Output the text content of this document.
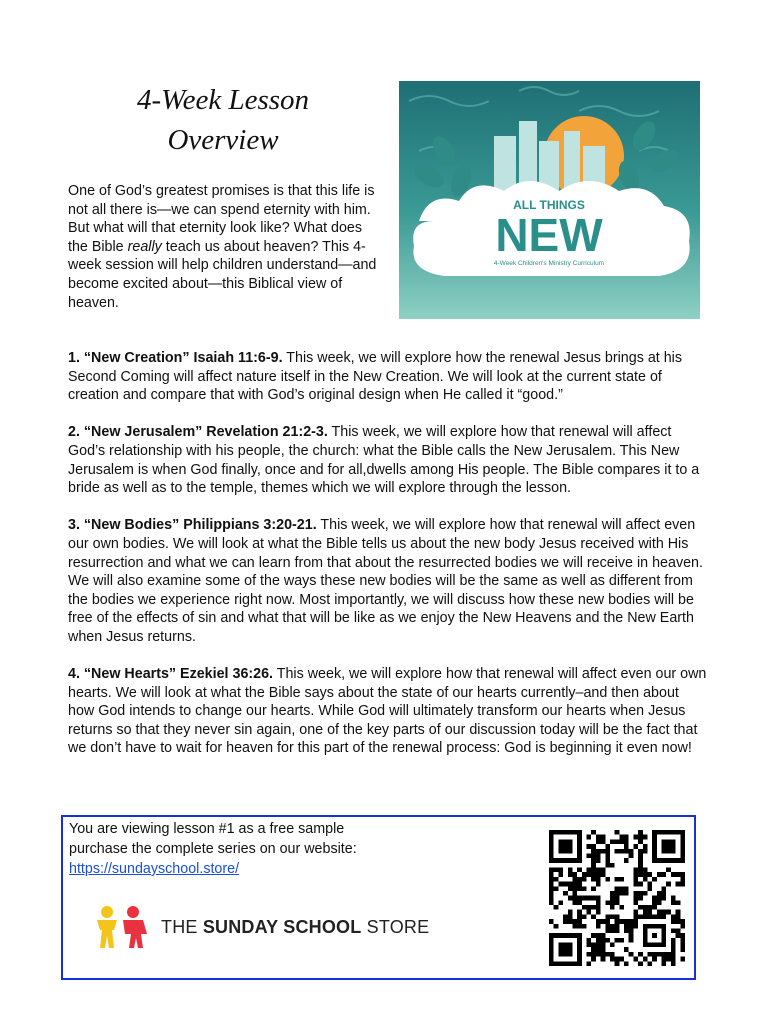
4-Week Lesson
Overview

One of God’s greatest promises is that this life is not all there is—we can spend eternity with him. But what will that eternity look like? What does the Bible really teach us about heaven? This 4-week session will help children understand—and become excited about—this Biblical view of heaven.

ALL THINGS
NEW
4-Week Children's Ministry Curriculum

1. “New Creation” Isaiah 11:6-9. This week, we will explore how the renewal Jesus brings at his Second Coming will affect nature itself in the New Creation. We will look at the current state of creation and compare that with God’s original design when He called it “good.”

2. “New Jerusalem” Revelation 21:2-3. This week, we will explore how that renewal will affect God’s relationship with his people, the church: what the Bible calls the New Jerusalem. This New Jerusalem is when God finally, once and for all,dwells among His people. The Bible compares it to a bride as well as to the temple, themes which we will explore through the lesson.

3. “New Bodies” Philippians 3:20-21. This week, we will explore how that renewal will affect even our own bodies. We will look at what the Bible tells us about the new body Jesus received with His resurrection and what we can learn from that about the resurrected bodies we will receive in heaven. We will also examine some of the ways these new bodies will be the same as well as different from the bodies we experience right now. Most importantly, we will discuss how these new bodies will be free of the effects of sin and what that will be like as we enjoy the New Heavens and the New Earth when Jesus returns.

4. “New Hearts” Ezekiel 36:26. This week, we will explore how that renewal will affect even our own hearts. We will look at what the Bible says about the state of our hearts currently–and then about how God intends to change our hearts. While God will ultimately transform our hearts when Jesus returns so that they never sin again, one of the key parts of our discussion today will be the fact that we don’t have to wait for heaven for this part of the renewal process: God is beginning it even now!

You are viewing lesson #1 as a free sample
purchase the complete series on our website:
https://sundayschool.store/
THE SUNDAY SCHOOL STORE
